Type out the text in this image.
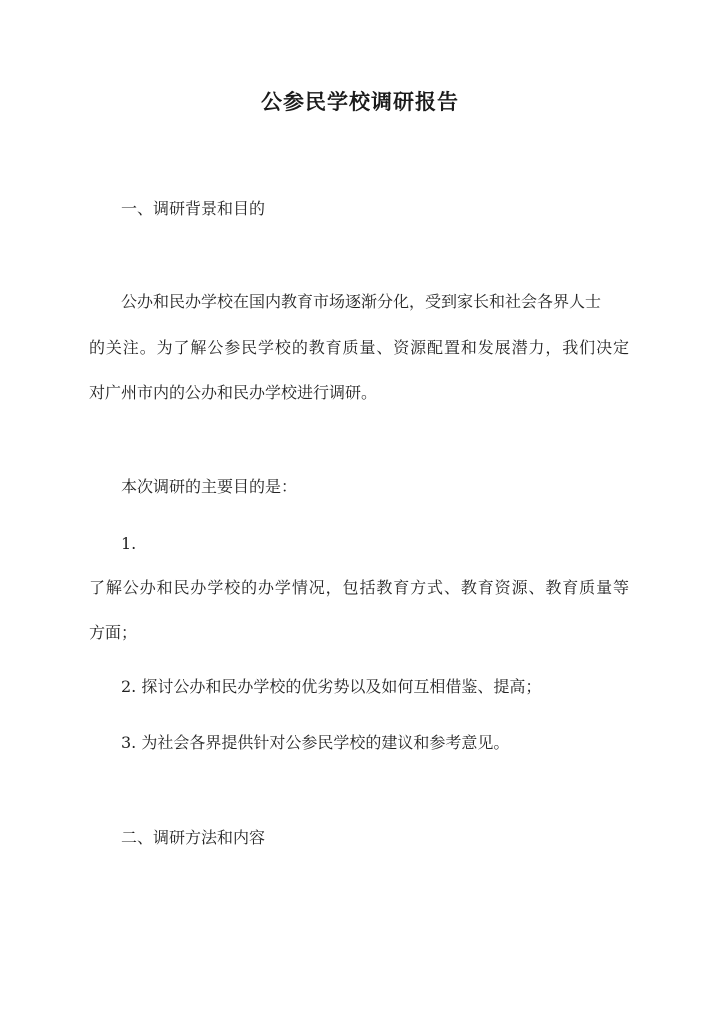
公参民学校调研报告
一、调研背景和目的
公办和民办学校在国内教育市场逐渐分化，受到家长和社会各界人士
的关注。为了解公参民学校的教育质量、资源配置和发展潜力，我们决定
对广州市内的公办和民办学校进行调研。
本次调研的主要目的是：
1.
了解公办和民办学校的办学情况，包括教育方式、教育资源、教育质量等
方面；
2. 探讨公办和民办学校的优劣势以及如何互相借鉴、提高；
3. 为社会各界提供针对公参民学校的建议和参考意见。
二、调研方法和内容
